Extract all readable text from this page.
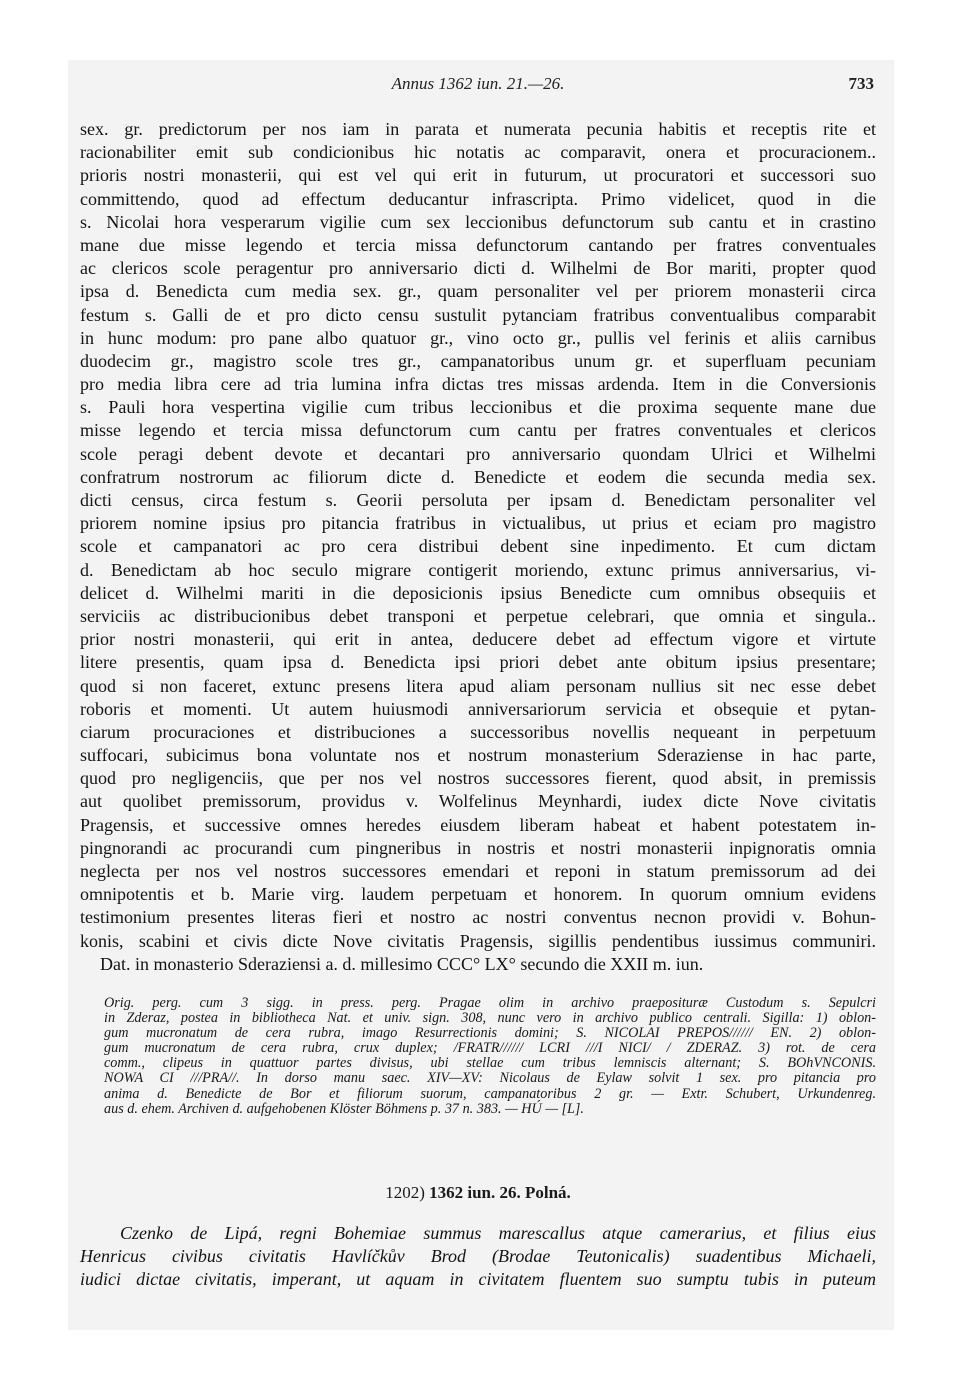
Annus 1362 iun. 21.—26.	733
sex. gr. predictorum per nos iam in parata et numerata pecunia habitis et receptis rite et
racionabiliter emit sub condicionibus hic notatis ac comparavit, onera et procuracionem..
prioris nostri monasterii, qui est vel qui erit in futurum, ut procuratori et successori suo
committendo, quod ad effectum deducantur infrascripta. Primo videlicet, quod in die
s. Nicolai hora vesperarum vigilie cum sex leccionibus defunctorum sub cantu et in crastino
mane due misse legendo et tercia missa defunctorum cantando per fratres conventuales
ac clericos scole peragentur pro anniversario dicti d. Wilhelmi de Bor mariti, propter quod
ipsa d. Benedicta cum media sex. gr., quam personaliter vel per priorem monasterii circa
festum s. Galli de et pro dicto censu sustulit pytanciam fratribus conventualibus comparabit
in hunc modum: pro pane albo quatuor gr., vino octo gr., pullis vel ferinis et aliis carnibus
duodecim gr., magistro scole tres gr., campanatoribus unum gr. et superfluam pecuniam
pro media libra cere ad tria lumina infra dictas tres missas ardenda. Item in die Conversionis
s. Pauli hora vespertina vigilie cum tribus leccionibus et die proxima sequente mane due
misse legendo et tercia missa defunctorum cum cantu per fratres conventuales et clericos
scole peragi debent devote et decantari pro anniversario quondam Ulrici et Wilhelmi
confratrum nostrorum ac filiorum dicte d. Benedicte et eodem die secunda media sex.
dicti census, circa festum s. Georii persoluta per ipsam d. Benedictam personaliter vel
priorem nomine ipsius pro pitancia fratribus in victualibus, ut prius et eciam pro magistro
scole et campanatori ac pro cera distribui debent sine inpedimento. Et cum dictam
d. Benedictam ab hoc seculo migrare contigerit moriendo, extunc primus anniversarius, vi-
delicet d. Wilhelmi mariti in die deposicionis ipsius Benedicte cum omnibus obsequiis et
serviciis ac distribucionibus debet transponi et perpetue celebrari, que omnia et singula..
prior nostri monasterii, qui erit in antea, deducere debet ad effectum vigore et virtute
litere presentis, quam ipsa d. Benedicta ipsi priori debet ante obitum ipsius presentare;
quod si non faceret, extunc presens litera apud aliam personam nullius sit nec esse debet
roboris et momenti. Ut autem huiusmodi anniversariorum servicia et obsequie et pytan-
ciarum procuraciones et distribuciones a successoribus novellis nequeant in perpetuum
suffocari, subicimus bona voluntate nos et nostrum monasterium Sderaziense in hac parte,
quod pro negligenciis, que per nos vel nostros successores fierent, quod absit, in premissis
aut quolibet premissorum, providus v. Wolfelinus Meynhardi, iudex dicte Nove civitatis
Pragensis, et successive omnes heredes eiusdem liberam habeat et habent potestatem in-
pingnorandi ac procurandi cum pingneribus in nostris et nostri monasterii inpignoratis omnia
neglecta per nos vel nostros successores emendari et reponi in statum premissorum ad dei
omnipotentis et b. Marie virg. laudem perpetuam et honorem. In quorum omnium evidens
testimonium presentes literas fieri et nostro ac nostri conventus necnon providi v. Bohun-
konis, scabini et civis dicte Nove civitatis Pragensis, sigillis pendentibus iussimus communiri.
Dat. in monasterio Sderaziensi a. d. millesimo CCC° LX° secundo die XXII m. iun.
Orig. perg. cum 3 sigg. in press. perg. Pragae olim in archivo praeposituræ Custodum s. Sepulcri
in Zderaz, postea in bibliotheca Nat. et univ. sign. 308, nunc vero in archivo publico centrali. Sigilla: 1) oblon-
gum mucronatum de cera rubra, imago Resurrectionis domini; S. NICOLAI PREPOS////// EN. 2) oblon-
gum mucronatum de cera rubra, crux duplex; /FRATR////// LCRI ///I NICI/ / ZDERAZ. 3) rot. de cera
comm., clipeus in quattuor partes divisus, ubi stellae cum tribus lemniscis alternant; S. BOhVNCONIS.
NOWA CI ///PRA//. In dorso manu saec. XIV—XV: Nicolaus de Eylaw solvit 1 sex. pro pitancia pro
anima d. Benedicte de Bor et filiorum suorum, campanatoribus 2 gr. — Extr. Schubert, Urkundenreg.
aus d. ehem. Archiven d. aufgehobenen Klöster Böhmens p. 37 n. 383. — HÚ — [L].
1202) 1362 iun. 26. Polná.
Czenko de Lipá, regni Bohemiae summus marescallus atque camerarius, et filius eius
Henricus civibus civitatis Havlíčkův Brod (Brodae Teutonicalis) suadentibus Michaeli,
iudici dictae civitatis, imperant, ut aquam in civitatem fluentem suo sumptu tubis in puteum
